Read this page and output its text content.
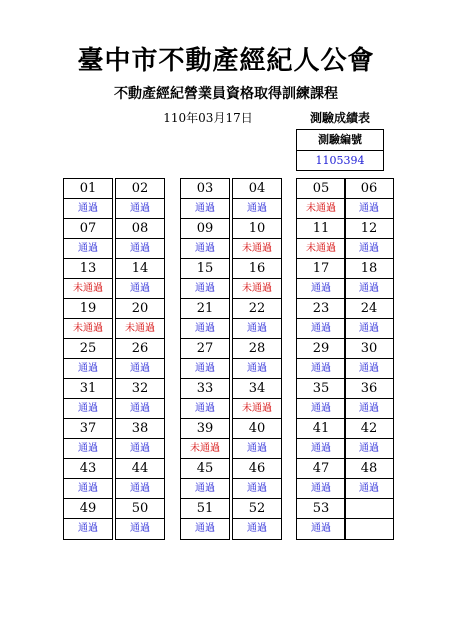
臺中市不動產經紀人公會
不動產經紀營業員資格取得訓練課程
110年03月17日	測驗成績表
測驗編號
1105394
01
通過
07
通過
13
未通過
19
未通過
25
通過
31
通過
37
通過
43
通過
49
通過
02
通過
08
通過
14
通過
20
未通過
26
通過
32
通過
38
通過
44
通過
50
通過
03
通過
09
通過
15
通過
21
通過
27
通過
33
通過
39
未通過
45
通過
51
通過
04
通過
10
未通過
16
未通過
22
通過
28
通過
34
未通過
40
通過
46
通過
52
通過
05
未通過
11
未通過
17
通過
23
通過
29
通過
35
通過
41
通過
47
通過
53
通過
06
通過
12
通過
18
通過
24
通過
30
通過
36
通過
42
通過
48
通過
